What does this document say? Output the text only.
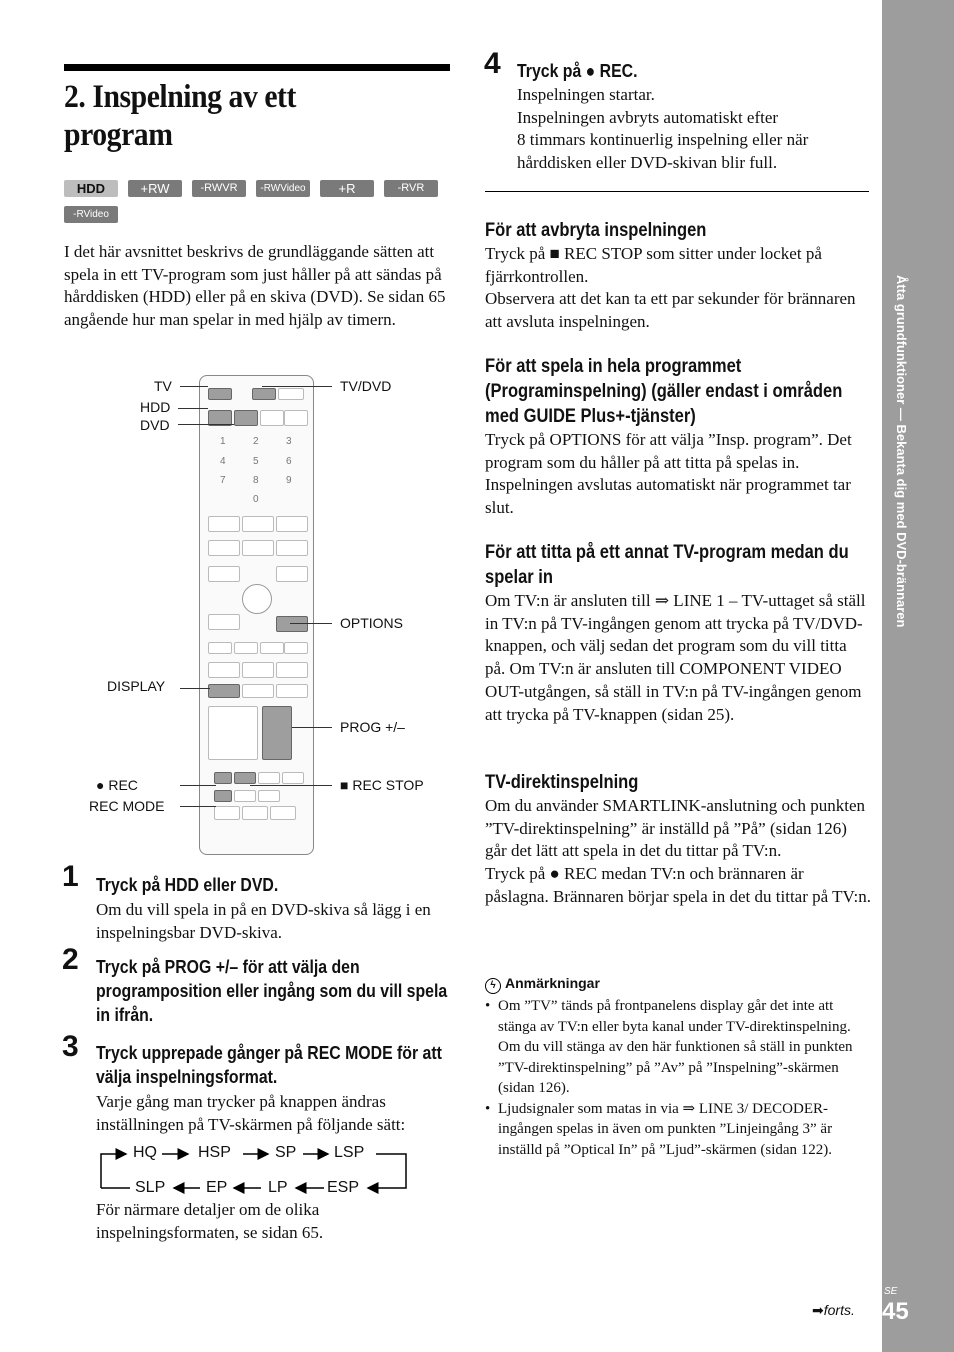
2. Inspelning av ett
program
HDD	+RW	-RWVR	-RWVideo	+R	-RVR
-RVideo
I det här avsnittet beskrivs de grundläggande sätten att spela in ett TV-program som just håller på att sändas på hårddisken (HDD) eller på en skiva (DVD). Se sidan 65 angående hur man spelar in med hjälp av timern.
1	2	3
4	5	6
7	8	9
0
TV
HDD
DVD
TV/DVD
OPTIONS
DISPLAY
PROG +/–
● REC	■ REC STOP
REC MODE
1 Tryck på HDD eller DVD.
Om du vill spela in på en DVD-skiva så lägg i en inspelningsbar DVD-skiva.
2 Tryck på PROG +/– för att välja den programposition eller ingång som du vill spela in ifrån.
3 Tryck upprepade gånger på REC MODE för att välja inspelningsformat.
Varje gång man trycker på knappen ändras inställningen på TV-skärmen på följande sätt:
HQ	HSP	SP LSP
SLP	EP	LP ESP
För närmare detaljer om de olika inspelningsformaten, se sidan 65.
4 Tryck på ● REC.
Inspelningen startar.
Inspelningen avbryts automatiskt efter
8 timmars kontinuerlig inspelning eller när hårddisken eller DVD-skivan blir full.
För att avbryta inspelningen
Tryck på ■ REC STOP som sitter under locket på fjärrkontrollen.
Observera att det kan ta ett par sekunder för brännaren att avsluta inspelningen.
För att spela in hela programmet (Programinspelning) (gäller endast i områden med GUIDE Plus+-tjänster)
Tryck på OPTIONS för att välja ”Insp. program”. Det program som du håller på att titta på spelas in. Inspelningen avslutas automatiskt när programmet tar slut.
För att titta på ett annat TV-program medan du spelar in
Om TV:n är ansluten till ⇒ LINE 1 – TV-uttaget så ställ in TV:n på TV-ingången genom att trycka på TV/DVD-knappen, och välj sedan det program som du vill titta på. Om TV:n är ansluten till COMPONENT VIDEO OUT-utgången, så ställ in TV:n på TV-ingången genom att trycka på TV-knappen (sidan 25).
TV-direktinspelning
Om du använder SMARTLINK-anslutning och punkten ”TV-direktinspelning” är inställd på ”På” (sidan 126) går det lätt att spela in det du tittar på TV:n.
Tryck på ● REC medan TV:n och brännaren är påslagna. Brännaren börjar spela in det du tittar på TV:n.
ϟ Anmärkningar
• Om ”TV” tänds på frontpanelens display går det inte att stänga av TV:n eller byta kanal under TV-direktinspelning. Om du vill stänga av den här funktionen så ställ in punkten ”TV-direktinspelning” på ”Av” på ”Inspelning”-skärmen (sidan 126).
• Ljudsignaler som matas in via ⇒ LINE 3/ DECODER-ingången spelas in även om punkten ”Linjeingång 3” är inställd på ”Optical In” på ”Ljud”-skärmen (sidan 122).
Åtta grundfunktioner — Bekanta dig med DVD-brännaren
➡forts.
SE
45
